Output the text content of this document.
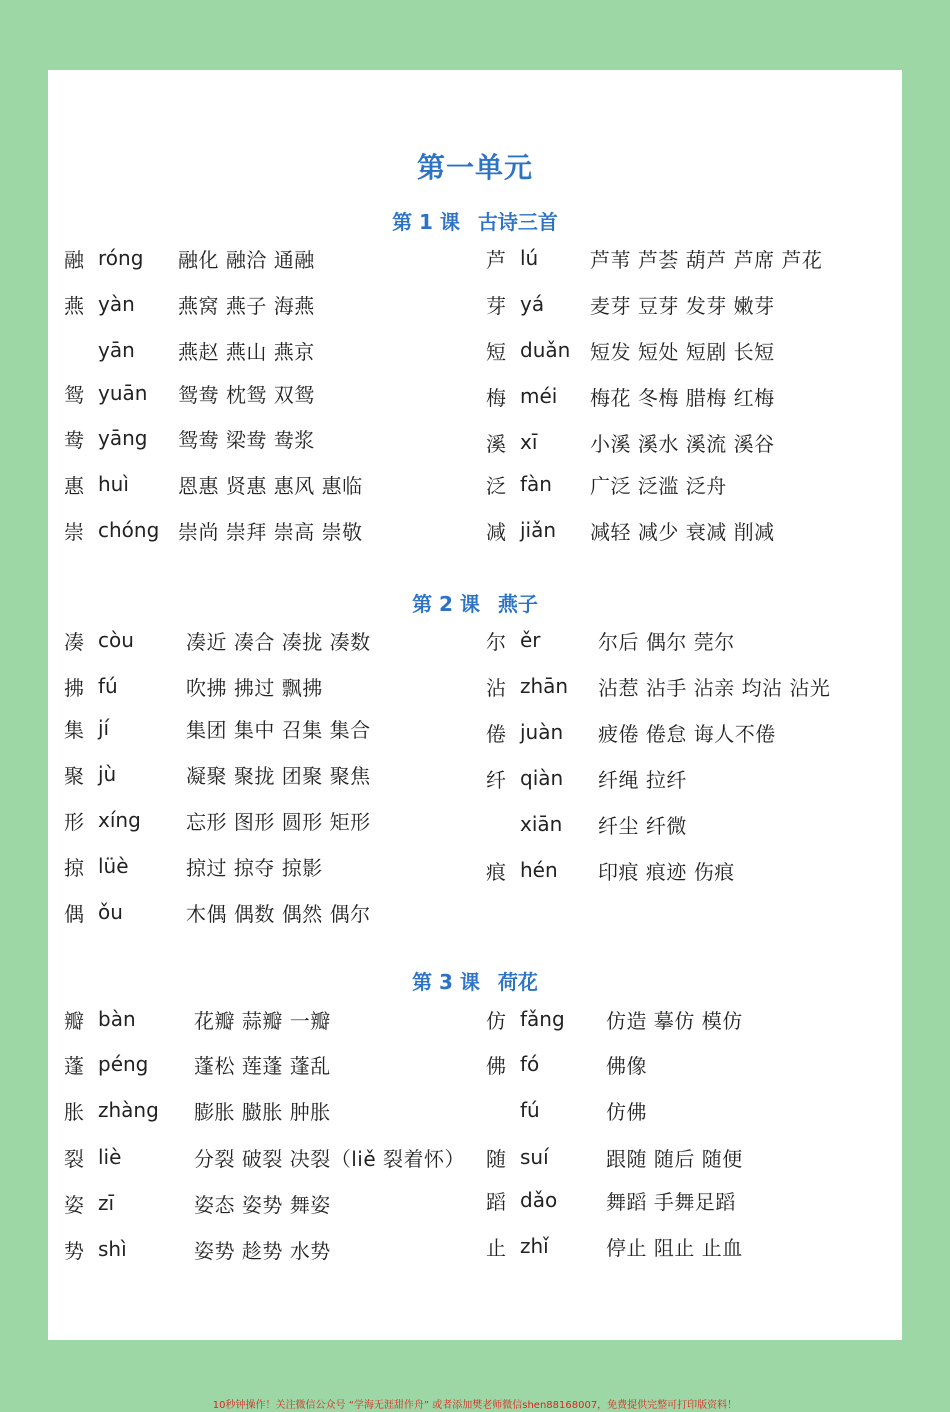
第一单元
第 1 课 古诗三首
融 róng	融化 融洽 通融
燕 yàn	燕窝 燕子 海燕
yān	燕赵 燕山 燕京
鸳 yuān	鸳鸯 枕鸳 双鸳
鸯 yāng	鸳鸯 梁鸯 鸯浆
惠 huì	恩惠 贤惠 惠风 惠临
崇 chóng 崇尚 崇拜 崇高 崇敬
芦 lú	芦苇 芦荟 葫芦 芦席 芦花
芽 yá	麦芽 豆芽 发芽 嫩芽
短 duǎn 短发 短处 短剧 长短
梅 méi	梅花 冬梅 腊梅 红梅
溪 xī	小溪 溪水 溪流 溪谷
泛 fàn	广泛 泛滥 泛舟
减 jiǎn	减轻 减少 衰减 削减
第 2 课 燕子
凑 còu	凑近 凑合 凑拢 凑数
拂 fú	吹拂 拂过 飘拂
集 jí	集团 集中 召集 集合
聚 jù	凝聚 聚拢 团聚 聚焦
形 xíng	忘形 图形 圆形 矩形
掠 lüè	掠过 掠夺 掠影
偶 ǒu	木偶 偶数 偶然 偶尔
尔 ěr	尔后 偶尔 莞尔
沾 zhān	沾惹 沾手 沾亲 均沾 沾光
倦 juàn	疲倦 倦怠 诲人不倦
纤 qiàn	纤绳 拉纤
xiān	纤尘 纤微
痕 hén	印痕 痕迹 伤痕
第 3 课 荷花
瓣 bàn	花瓣 蒜瓣 一瓣
蓬 péng	蓬松 莲蓬 蓬乱
胀 zhàng	膨胀 臌胀 肿胀
裂 liè	分裂 破裂 决裂（liě 裂着怀）
姿 zī	姿态 姿势 舞姿
势 shì	姿势 趁势 水势
仿 fǎng	仿造 摹仿 模仿
佛 fó	佛像
fú	仿佛
随 suí	跟随 随后 随便
蹈 dǎo	舞蹈 手舞足蹈
止 zhǐ	停止 阻止 止血
10秒钟操作！关注微信公众号 “学海无涯甜作舟” 或者添加樊老师微信shen88168007，免费提供完整可打印版资料！
